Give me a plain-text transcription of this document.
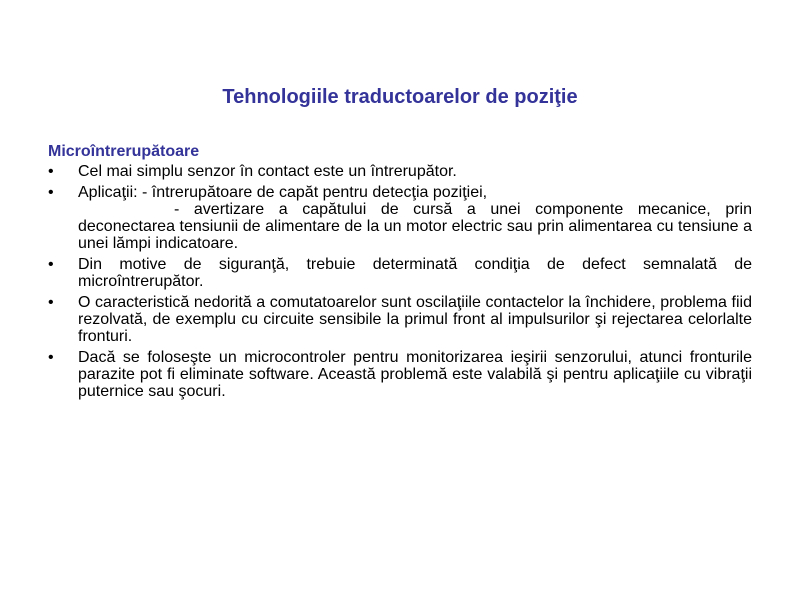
Tehnologiile traductoarelor de poziţie
Microîntrerupătoare
•	Cel mai simplu senzor în contact este un întrerupător.

•	Aplicaţii: - întrerupătoare de capăt pentru detecţia poziţiei,

- avertizare a capătului de cursă a unei componente mecanice, prin deconectarea tensiunii de alimentare de la un motor electric sau prin alimentarea cu tensiune a unei lămpi indicatoare.

•	Din motive de siguranţă, trebuie determinată condiţia de defect semnalată de microîntrerupător.

•	O caracteristică nedorită a comutatoarelor sunt oscilaţiile contactelor la închidere, problema fiid rezolvată, de exemplu cu circuite sensibile la primul front al impulsurilor şi rejectarea celorlalte fronturi.

•	Dacă se foloseşte un microcontroler pentru monitorizarea ieşirii senzorului, atunci fronturile parazite pot fi eliminate software. Această problemă este valabilă şi pentru aplicaţiile cu vibraţii puternice sau şocuri.
